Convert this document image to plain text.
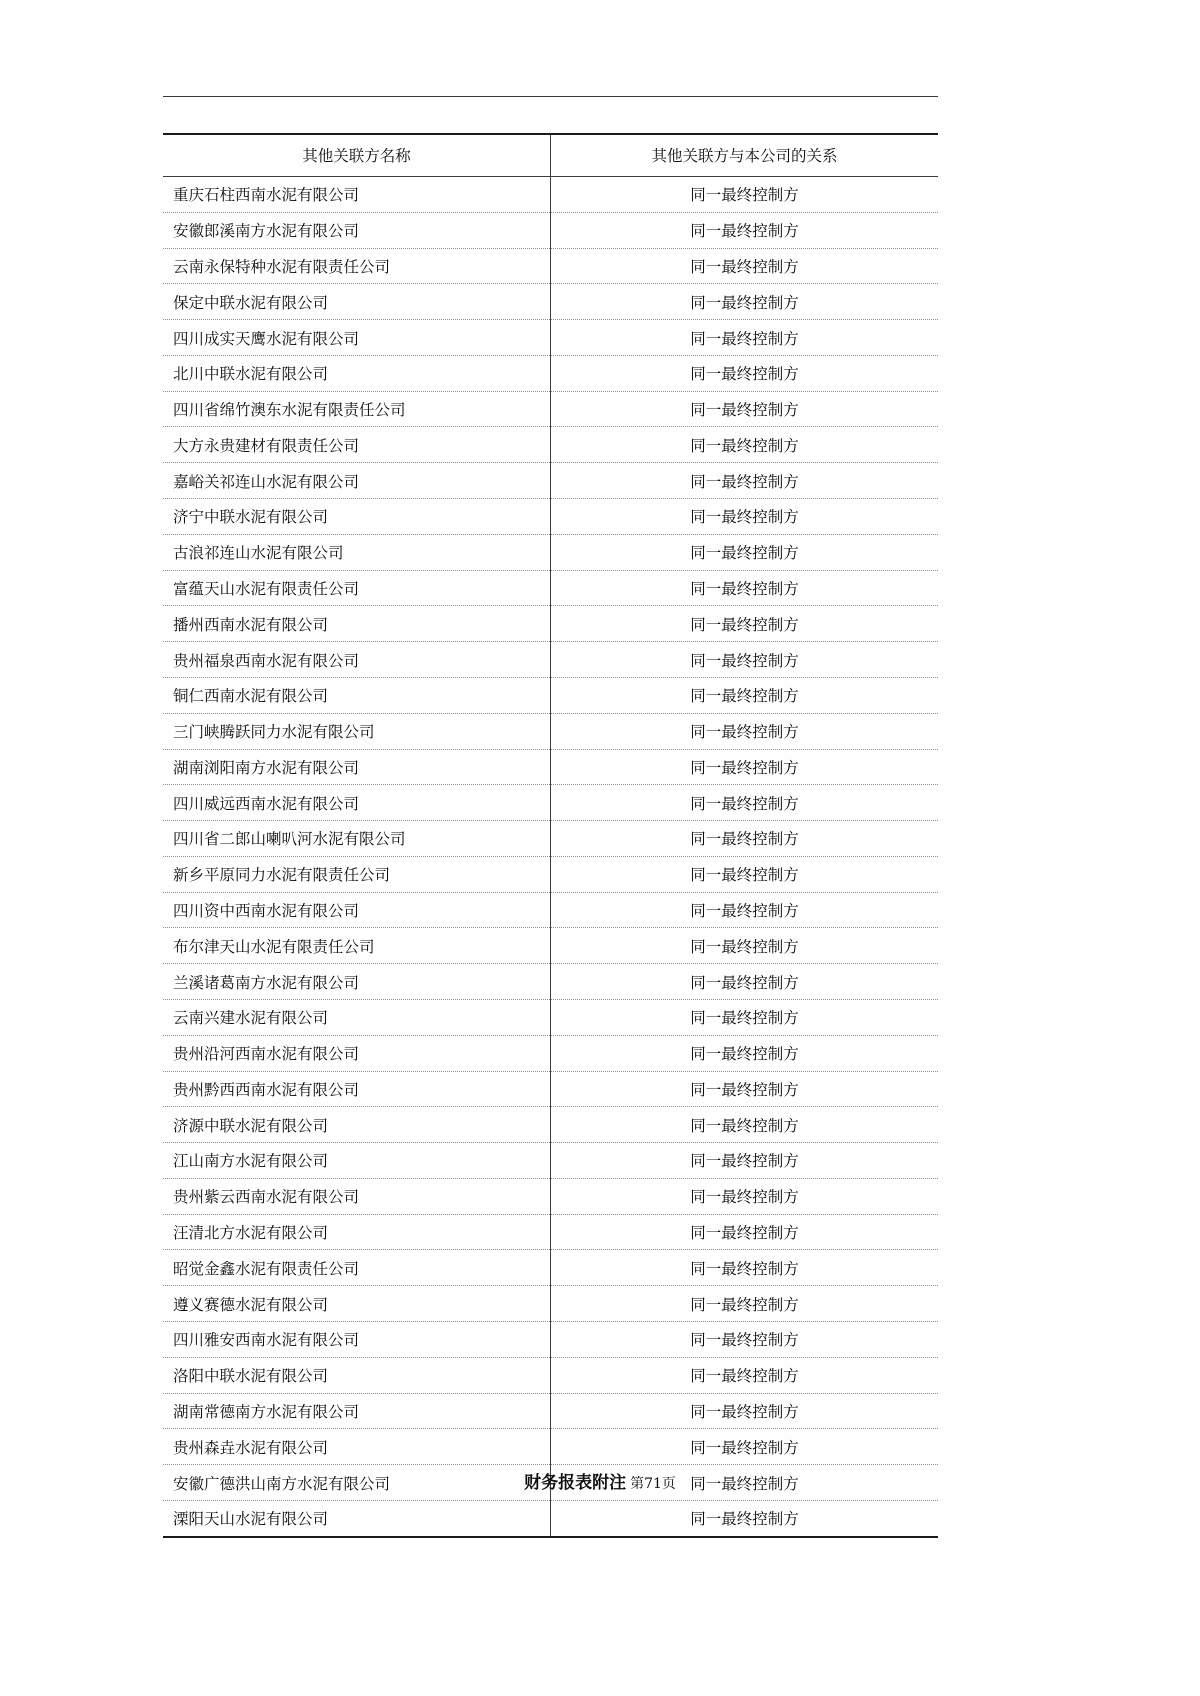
其他关联方名称	其他关联方与本公司的关系
重庆石柱西南水泥有限公司	同一最终控制方
安徽郎溪南方水泥有限公司	同一最终控制方
云南永保特种水泥有限责任公司	同一最终控制方
保定中联水泥有限公司	同一最终控制方
四川成实天鹰水泥有限公司	同一最终控制方
北川中联水泥有限公司	同一最终控制方
四川省绵竹澳东水泥有限责任公司	同一最终控制方
大方永贵建材有限责任公司	同一最终控制方
嘉峪关祁连山水泥有限公司	同一最终控制方
济宁中联水泥有限公司	同一最终控制方
古浪祁连山水泥有限公司	同一最终控制方
富蕴天山水泥有限责任公司	同一最终控制方
播州西南水泥有限公司	同一最终控制方
贵州福泉西南水泥有限公司	同一最终控制方
铜仁西南水泥有限公司	同一最终控制方
三门峡腾跃同力水泥有限公司	同一最终控制方
湖南浏阳南方水泥有限公司	同一最终控制方
四川威远西南水泥有限公司	同一最终控制方
四川省二郎山喇叭河水泥有限公司	同一最终控制方
新乡平原同力水泥有限责任公司	同一最终控制方
四川资中西南水泥有限公司	同一最终控制方
布尔津天山水泥有限责任公司	同一最终控制方
兰溪诸葛南方水泥有限公司	同一最终控制方
云南兴建水泥有限公司	同一最终控制方
贵州沿河西南水泥有限公司	同一最终控制方
贵州黔西西南水泥有限公司	同一最终控制方
济源中联水泥有限公司	同一最终控制方
江山南方水泥有限公司	同一最终控制方
贵州紫云西南水泥有限公司	同一最终控制方
汪清北方水泥有限公司	同一最终控制方
昭觉金鑫水泥有限责任公司	同一最终控制方
遵义赛德水泥有限公司	同一最终控制方
四川雅安西南水泥有限公司	同一最终控制方
洛阳中联水泥有限公司	同一最终控制方
湖南常德南方水泥有限公司	同一最终控制方
贵州森垚水泥有限公司	同一最终控制方
安徽广德洪山南方水泥有限公司	同一最终控制方
溧阳天山水泥有限公司	同一最终控制方
财务报表附注 第71页
